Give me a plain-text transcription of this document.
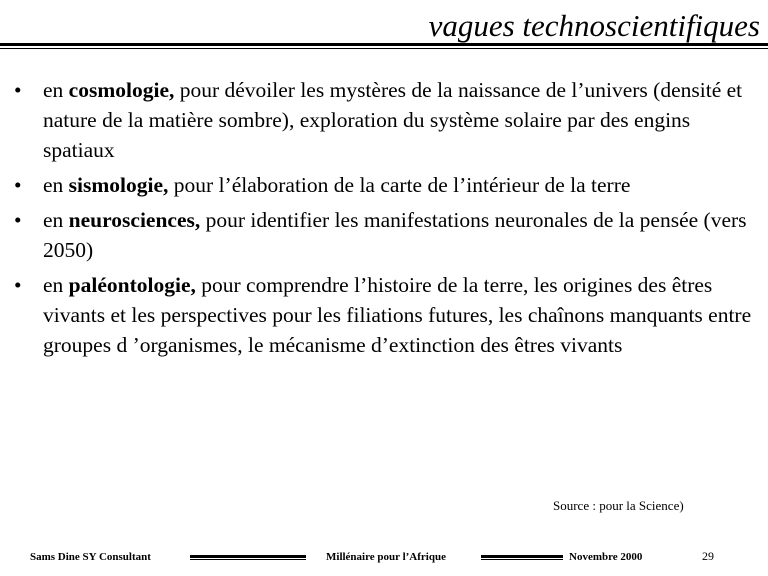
vagues technoscientifiques
• en cosmologie, pour dévoiler les mystères de la naissance de l’univers (densité et nature de la matière sombre), exploration du système solaire par des engins spatiaux
• en sismologie, pour l’élaboration de la carte de l’intérieur de la terre
• en neurosciences, pour identifier les manifestations neuronales de la pensée (vers 2050)
• en paléontologie, pour comprendre l’histoire de la terre, les origines des êtres vivants et les perspectives pour les filiations futures, les chaînons manquants entre groupes d ’organismes, le mécanisme d’extinction des êtres vivants
Source : pour la Science)
Sams Dine SY Consultant	Millénaire pour l’Afrique	Novembre 2000	29
